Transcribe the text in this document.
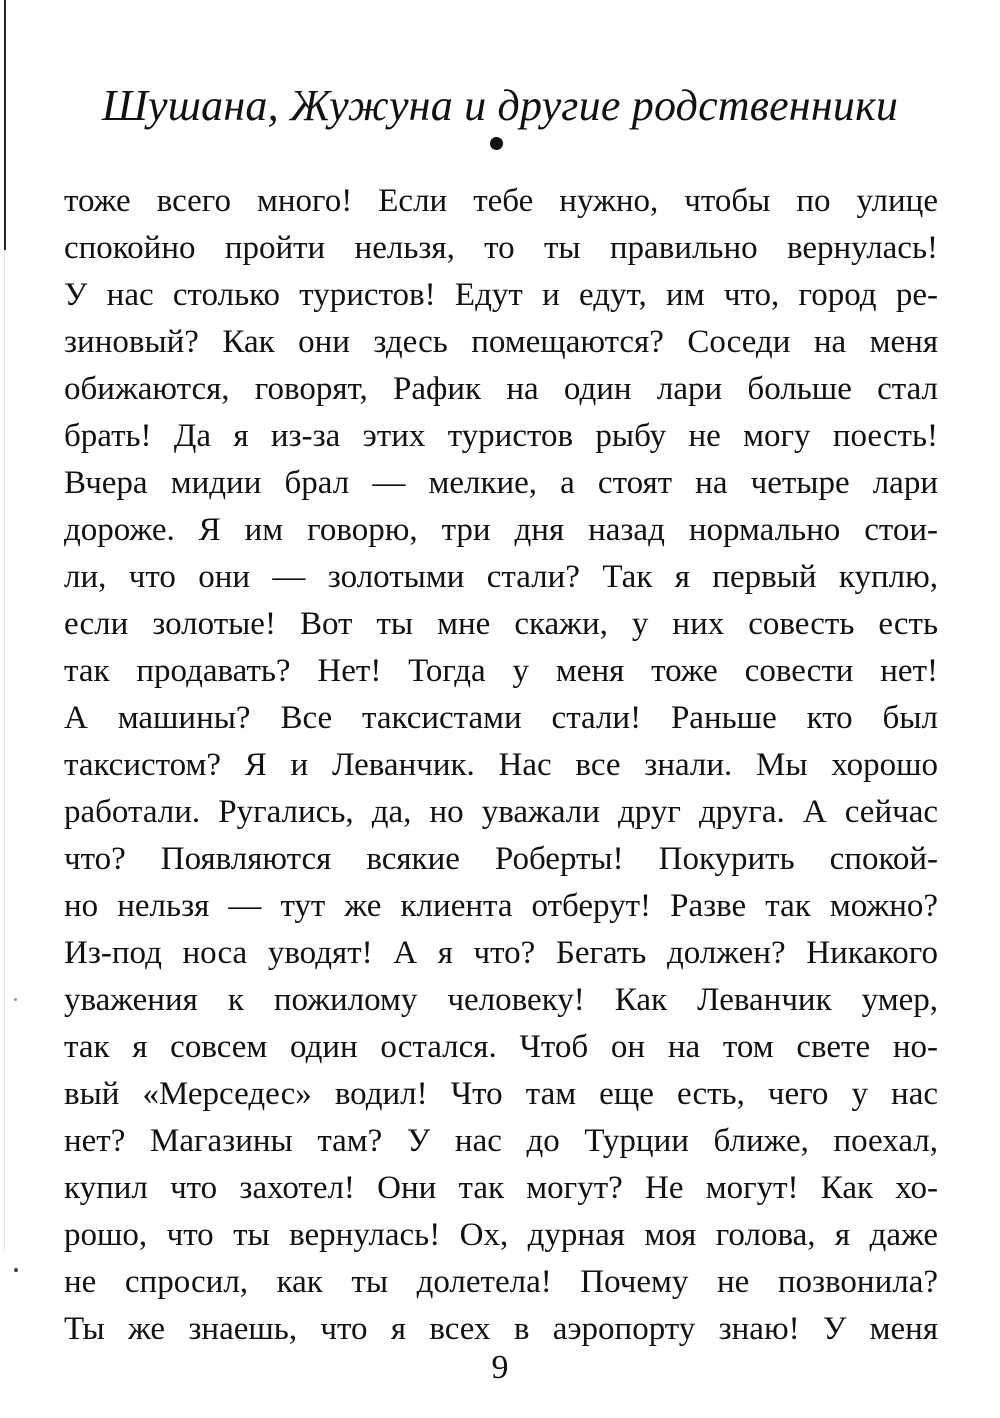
Шушана, Жужуна и другие родственники
тоже всего много! Если тебе нужно, чтобы по улице
спокойно пройти нельзя, то ты правильно вернулась!
У нас столько туристов! Едут и едут, им что, город ре-
зиновый? Как они здесь помещаются? Соседи на меня
обижаются, говорят, Рафик на один лари больше стал
брать! Да я из-за этих туристов рыбу не могу поесть!
Вчера мидии брал — мелкие, а стоят на четыре лари
дороже. Я им говорю, три дня назад нормально стои-
ли, что они — золотыми стали? Так я первый куплю,
если золотые! Вот ты мне скажи, у них совесть есть
так продавать? Нет! Тогда у меня тоже совести нет!
А машины? Все таксистами стали! Раньше кто был
таксистом? Я и Леванчик. Нас все знали. Мы хорошо
работали. Ругались, да, но уважали друг друга. А сейчас
что? Появляются всякие Роберты! Покурить спокой-
но нельзя — тут же клиента отберут! Разве так можно?
Из-под носа уводят! А я что? Бегать должен? Никакого
уважения к пожилому человеку! Как Леванчик умер,
так я совсем один остался. Чтоб он на том свете но-
вый «Мерседес» водил! Что там еще есть, чего у нас
нет? Магазины там? У нас до Турции ближе, поехал,
купил что захотел! Они так могут? Не могут! Как хо-
рошо, что ты вернулась! Ох, дурная моя голова, я даже
не спросил, как ты долетела! Почему не позвонила?
Ты же знаешь, что я всех в аэропорту знаю! У меня
9
